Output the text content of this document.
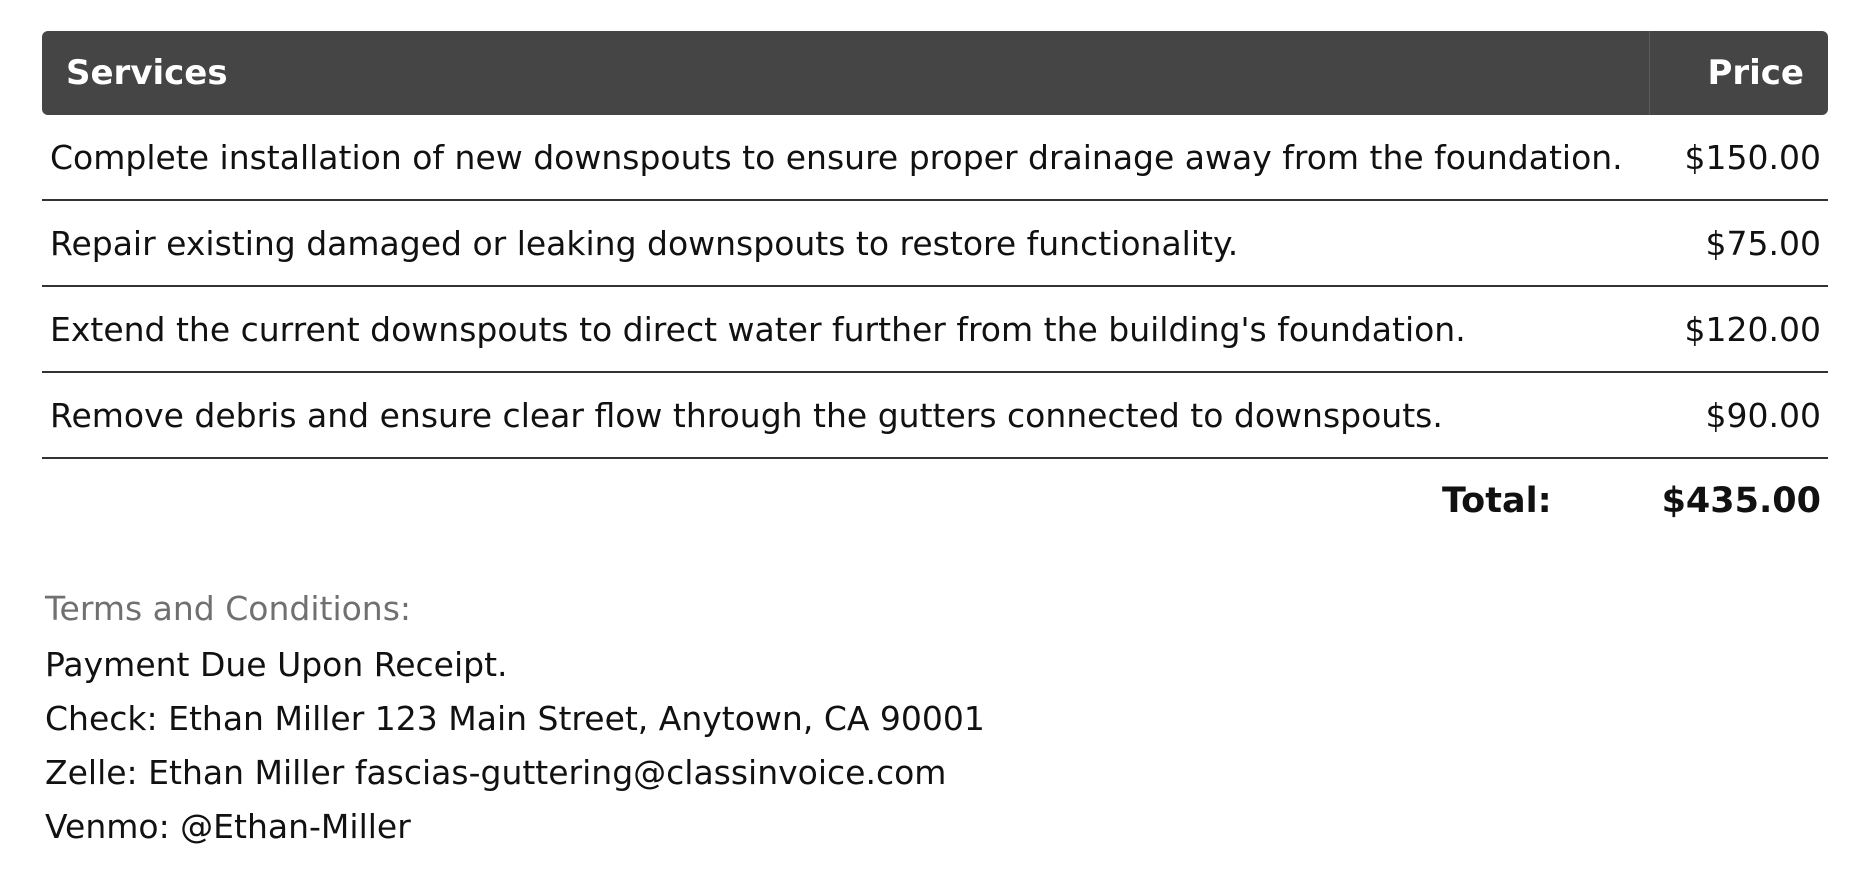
Services	Price
Complete installation of new downspouts to ensure proper drainage away from the foundation.	$150.00
Repair existing damaged or leaking downspouts to restore functionality.	$75.00
Extend the current downspouts to direct water further from the building's foundation.	$120.00
Remove debris and ensure clear flow through the gutters connected to downspouts.	$90.00
Total:	$435.00
Terms and Conditions:
Payment Due Upon Receipt.
Check: Ethan Miller 123 Main Street, Anytown, CA 90001
Zelle: Ethan Miller fascias-guttering@classinvoice.com
Venmo: @Ethan-Miller
